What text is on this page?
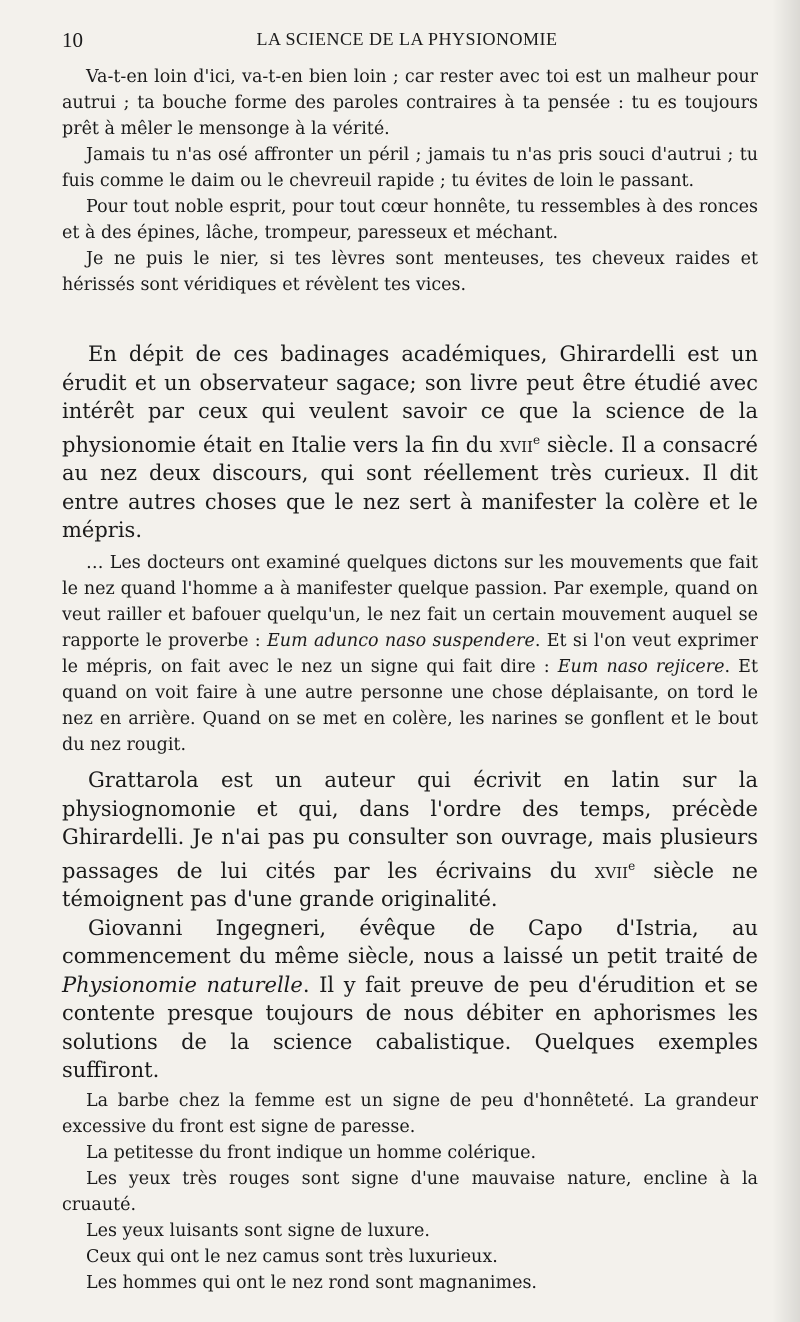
10	LA SCIENCE DE LA PHYSIONOMIE

Va-t-en loin d'ici, va-t-en bien loin ; car rester avec toi est un malheur pour autrui ; ta bouche forme des paroles contraires à ta pensée : tu es toujours prêt à mêler le mensonge à la vérité.

Jamais tu n'as osé affronter un péril ; jamais tu n'as pris souci d'autrui ; tu fuis comme le daim ou le chevreuil rapide ; tu évites de loin le passant.

Pour tout noble esprit, pour tout cœur honnête, tu ressembles à des ronces et à des épines, lâche, trompeur, paresseux et méchant.

Je ne puis le nier, si tes lèvres sont menteuses, tes cheveux raides et hérissés sont véridiques et révèlent tes vices.

En dépit de ces badinages académiques, Ghirardelli est un érudit et un observateur sagace; son livre peut être étudié avec intérêt par ceux qui veulent savoir ce que la science de la physionomie était en Italie vers la fin du xvii$^e$ siècle. Il a consacré au nez deux discours, qui sont réellement très curieux. Il dit entre autres choses que le nez sert à manifester la colère et le mépris.

… Les docteurs ont examiné quelques dictons sur les mouvements que fait le nez quand l'homme a à manifester quelque passion. Par exemple, quand on veut railler et bafouer quelqu'un, le nez fait un certain mouvement auquel se rapporte le proverbe : Eum adunco naso suspendere. Et si l'on veut exprimer le mépris, on fait avec le nez un signe qui fait dire : Eum naso rejicere. Et quand on voit faire à une autre personne une chose déplaisante, on tord le nez en arrière. Quand on se met en colère, les narines se gonflent et le bout du nez rougit.

Grattarola est un auteur qui écrivit en latin sur la physiognomonie et qui, dans l'ordre des temps, précède Ghirardelli. Je n'ai pas pu consulter son ouvrage, mais plusieurs passages de lui cités par les écrivains du xvii$^e$ siècle ne témoignent pas d'une grande originalité.

Giovanni Ingegneri, évêque de Capo d'Istria, au commencement du même siècle, nous a laissé un petit traité de Physionomie naturelle. Il y fait preuve de peu d'érudition et se contente presque toujours de nous débiter en aphorismes les solutions de la science cabalistique. Quelques exemples suffiront.

La barbe chez la femme est un signe de peu d'honnêteté. La grandeur excessive du front est signe de paresse.

La petitesse du front indique un homme colérique.

Les yeux très rouges sont signe d'une mauvaise nature, encline à la cruauté.

Les yeux luisants sont signe de luxure.

Ceux qui ont le nez camus sont très luxurieux.

Les hommes qui ont le nez rond sont magnanimes.
